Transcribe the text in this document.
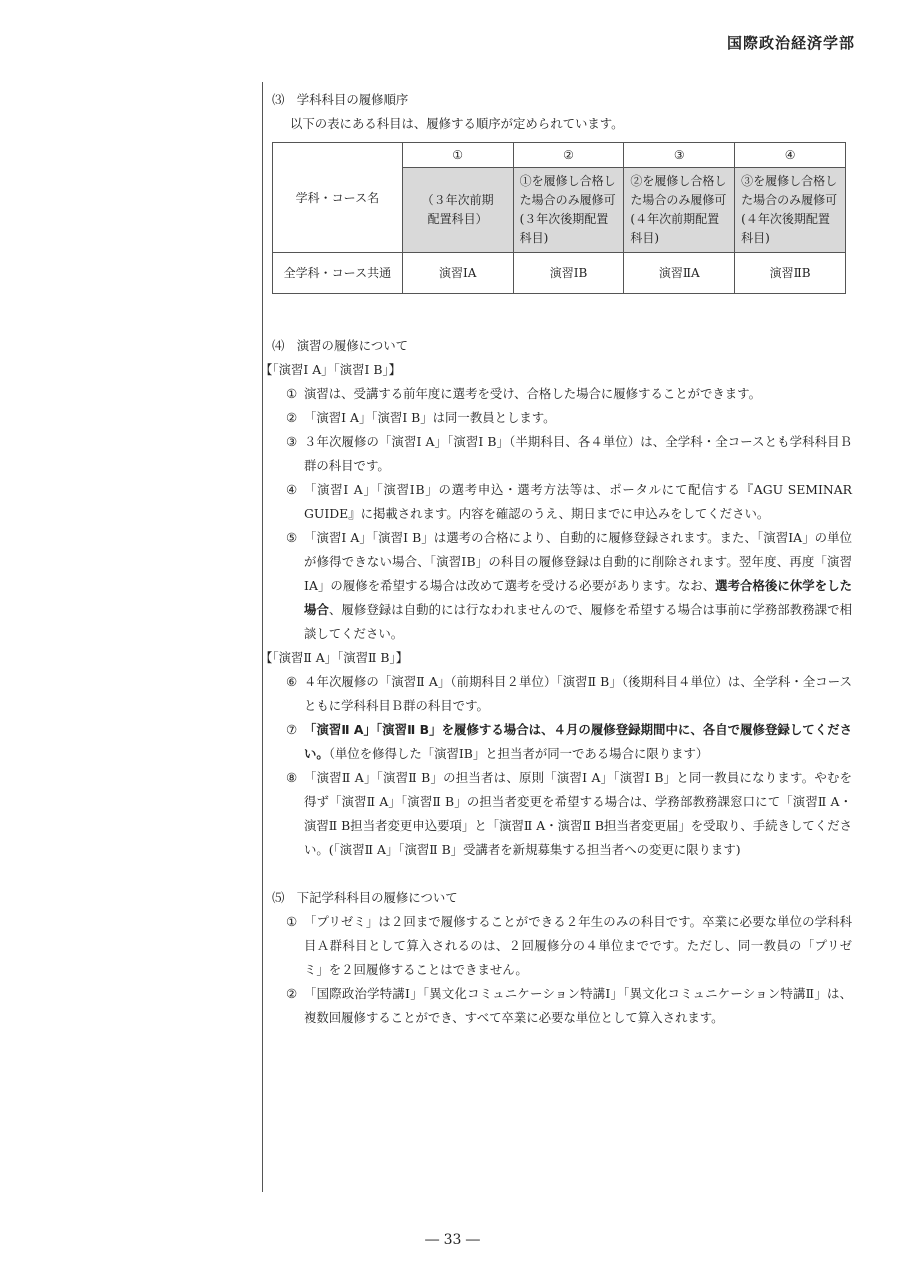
国際政治経済学部

⑶　学科科目の履修順序

以下の表にある科目は、履修する順序が定められています。

学科・コース名	①	②	③	④
	（３年次前期配置科目）	①を履修し合格した場合のみ履修可(３年次後期配置科目)	②を履修し合格した場合のみ履修可(４年次前期配置科目)	③を履修し合格した場合のみ履修可(４年次後期配置科目)
全学科・コース共通	演習ⅠA	演習ⅠB	演習ⅡA	演習ⅡB

⑷　演習の履修について

【「演習Ⅰ A」「演習Ⅰ B」】

① 演習は、受講する前年度に選考を受け、合格した場合に履修することができます。
② 「演習Ⅰ A」「演習Ⅰ B」は同一教員とします。
③ ３年次履修の「演習Ⅰ A」「演習Ⅰ B」（半期科目、各４単位）は、全学科・全コースとも学科科目Ｂ群の科目です。
④ 「演習Ⅰ A」「演習ⅠB」の選考申込・選考方法等は、ポータルにて配信する『AGU SEMINAR GUIDE』に掲載されます。内容を確認のうえ、期日までに申込みをしてください。
⑤ 「演習Ⅰ A」「演習Ⅰ B」は選考の合格により、自動的に履修登録されます。また、「演習ⅠA」の単位が修得できない場合、「演習ⅠB」の科目の履修登録は自動的に削除されます。翌年度、再度「演習ⅠA」の履修を希望する場合は改めて選考を受ける必要があります。なお、選考合格後に休学をした場合、履修登録は自動的には行なわれませんので、履修を希望する場合は事前に学務部教務課で相談してください。

【「演習Ⅱ A」「演習Ⅱ B」】

⑥ ４年次履修の「演習Ⅱ A」（前期科目２単位）「演習Ⅱ B」（後期科目４単位）は、全学科・全コースともに学科科目Ｂ群の科目です。
⑦ 「演習Ⅱ A」「演習Ⅱ B」を履修する場合は、４月の履修登録期間中に、各自で履修登録してください。（単位を修得した「演習ⅠB」と担当者が同一である場合に限ります）
⑧ 「演習Ⅱ A」「演習Ⅱ B」の担当者は、原則「演習Ⅰ A」「演習Ⅰ B」と同一教員になります。やむを得ず「演習Ⅱ A」「演習Ⅱ B」の担当者変更を希望する場合は、学務部教務課窓口にて「演習Ⅱ A・演習Ⅱ B担当者変更申込要項」と「演習Ⅱ A・演習Ⅱ B担当者変更届」を受取り、手続きしてください。(「演習Ⅱ A」「演習Ⅱ B」受講者を新規募集する担当者への変更に限ります)

⑸　下記学科科目の履修について

① 「プリゼミ」は２回まで履修することができる２年生のみの科目です。卒業に必要な単位の学科科目Ａ群科目として算入されるのは、２回履修分の４単位までです。ただし、同一教員の「プリゼミ」を２回履修することはできません。
② 「国際政治学特講Ⅰ」「異文化コミュニケーション特講Ⅰ」「異文化コミュニケーション特講Ⅱ」は、複数回履修することができ、すべて卒業に必要な単位として算入されます。
― 33 ―
